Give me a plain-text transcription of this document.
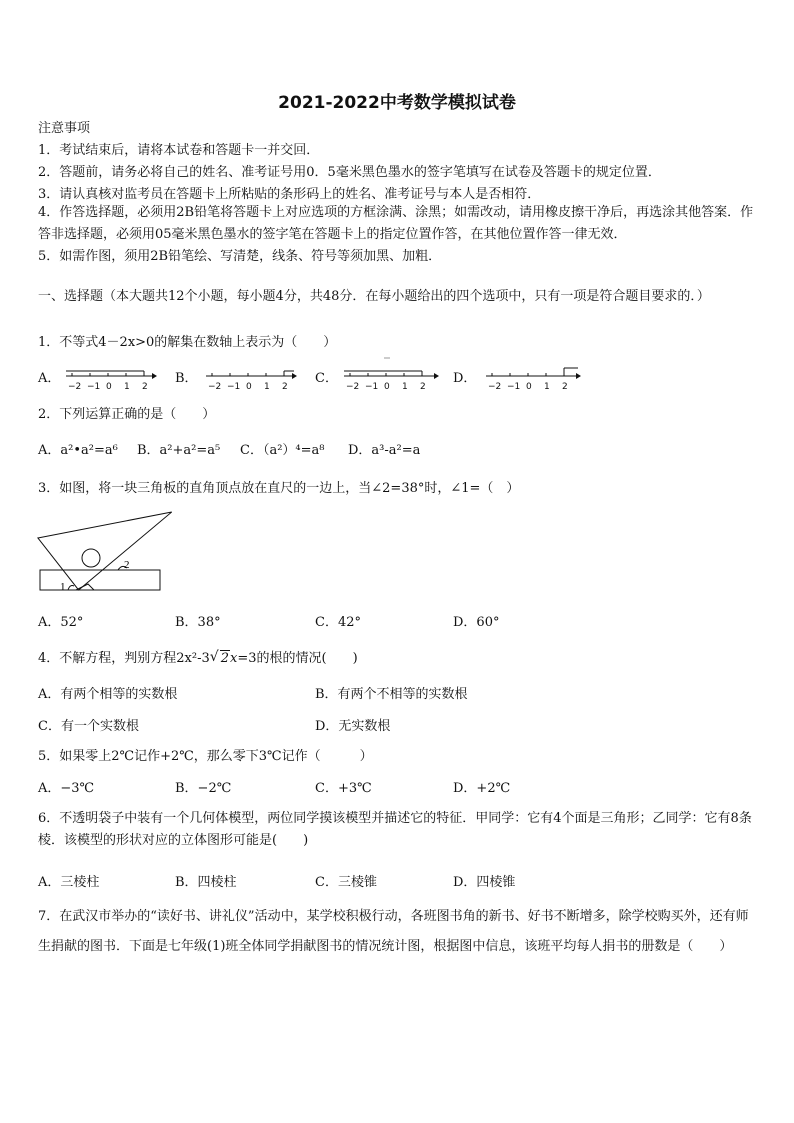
2021-2022中考数学模拟试卷
注意事项
1．考试结束后，请将本试卷和答题卡一并交回．
2．答题前，请务必将自己的姓名、准考证号用0．5毫米黑色墨水的签字笔填写在试卷及答题卡的规定位置．
3．请认真核对监考员在答题卡上所粘贴的条形码上的姓名、准考证号与本人是否相符．
4．作答选择题，必须用2B铅笔将答题卡上对应选项的方框涂满、涂黑；如需改动，请用橡皮擦干净后，再选涂其他答案．作答非选择题，必须用05毫米黑色墨水的签字笔在答题卡上的指定位置作答，在其他位置作答一律无效．
5．如需作图，须用2B铅笔绘、写清楚，线条、符号等须加黑、加粗．
一、选择题（本大题共12个小题，每小题4分，共48分．在每小题给出的四个选项中，只有一项是符合题目要求的．）
1．不等式4－2x>0的解集在数轴上表示为（　　）
A．
−2 −1 0 1 2
B．
−2 −1 0 1 2
C．
−2 −1 0 1 2
D．
−2 −1 0 1 2
2．下列运算正确的是（　　）
A．a²•a²=a⁶ B．a²+a²=a⁵ C．（a²）⁴=a⁸ D．a³-a²=a
3．如图，将一块三角板的直角顶点放在直尺的一边上，当∠2=38°时，∠1=（　）
2
1
A．52°	B．38°	C．42°	D．60°
4．不解方程，判别方程2x²-3√ 2x=3的根的情况(　　)
A．有两个相等的实数根	B．有两个不相等的实数根
C．有一个实数根	D．无实数根
5．如果零上2℃记作+2℃，那么零下3℃记作（　　　）
A．−3℃	B．−2℃	C．+3℃	D．+2℃
6．不透明袋子中装有一个几何体模型，两位同学摸该模型并描述它的特征．甲同学：它有4个面是三角形；乙同学：它有8条棱．该模型的形状对应的立体图形可能是(　　)
A．三棱柱	B．四棱柱	C．三棱锥	D．四棱锥
7．在武汉市举办的“读好书、讲礼仪”活动中，某学校积极行动，各班图书角的新书、好书不断增多，除学校购买外，还有师生捐献的图书．下面是七年级(1)班全体同学捐献图书的情况统计图，根据图中信息，该班平均每人捐书的册数是（　　）
